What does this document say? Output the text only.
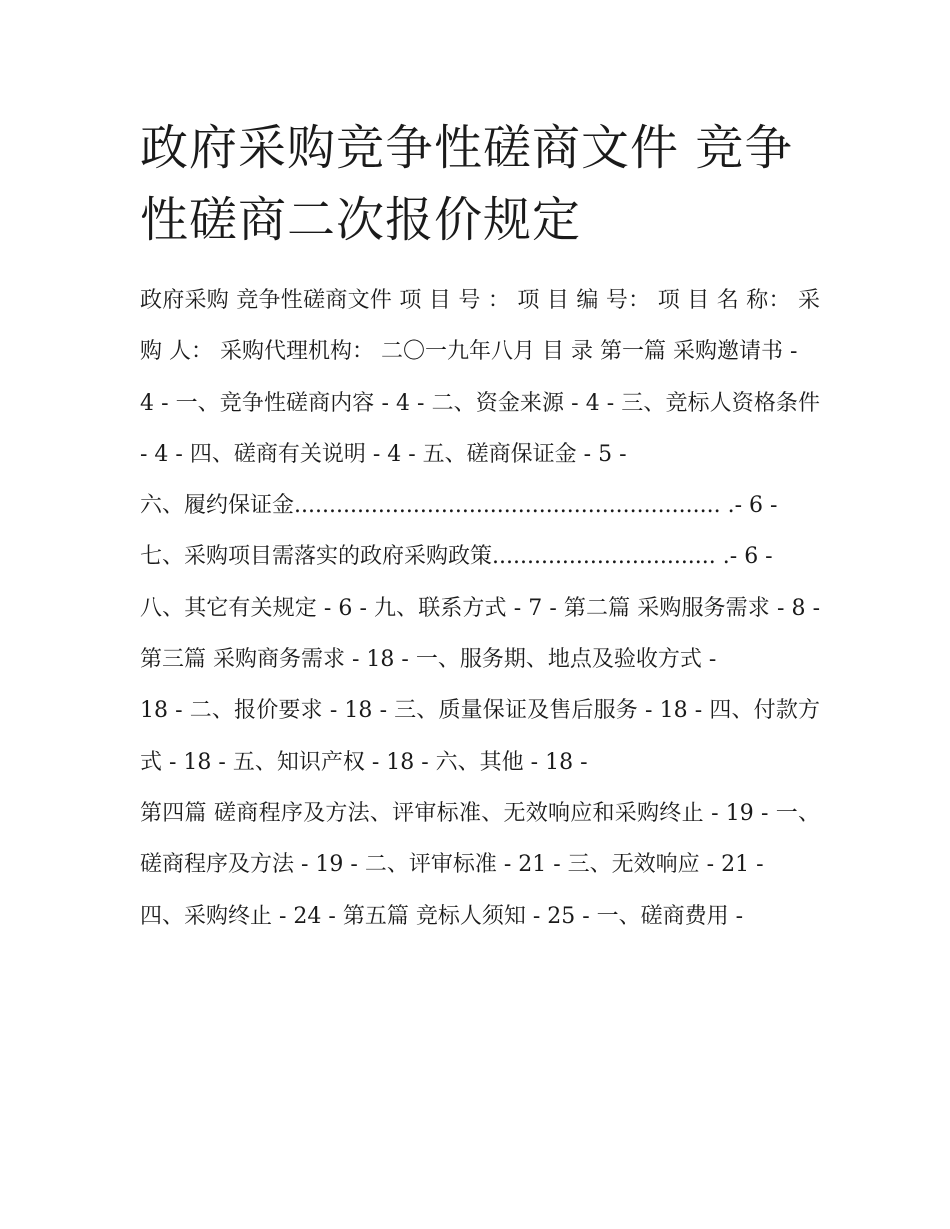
政府采购竞争性磋商文件 竞争性磋商二次报价规定

政府采购 竞争性磋商文件 项 目 号 ： 项 目 编 号： 项 目 名 称： 采 购 人： 采购代理机构： 二〇一九年八月 目 录 第一篇 采购邀请书 -

4 - 一、竞争性磋商内容 - 4 - 二、资金来源 - 4 - 三、竞标人资格条件 - 4 - 四、磋商有关说明 - 4 - 五、磋商保证金 - 5 -

六、履约保证金............................................................. .- 6 -

七、采购项目需落实的政府采购政策................................ .- 6 -

八、其它有关规定 - 6 - 九、联系方式 - 7 - 第二篇 采购服务需求 - 8 - 第三篇 采购商务需求 - 18 - 一、服务期、地点及验收方式 -

18 - 二、报价要求 - 18 - 三、质量保证及售后服务 - 18 - 四、付款方式 - 18 - 五、知识产权 - 18 - 六、其他 - 18 -

第四篇 磋商程序及方法、评审标准、无效响应和采购终止 - 19 - 一、磋商程序及方法 - 19 - 二、评审标准 - 21 - 三、无效响应 - 21 -

四、采购终止 - 24 - 第五篇 竞标人须知 - 25 - 一、磋商费用 -
